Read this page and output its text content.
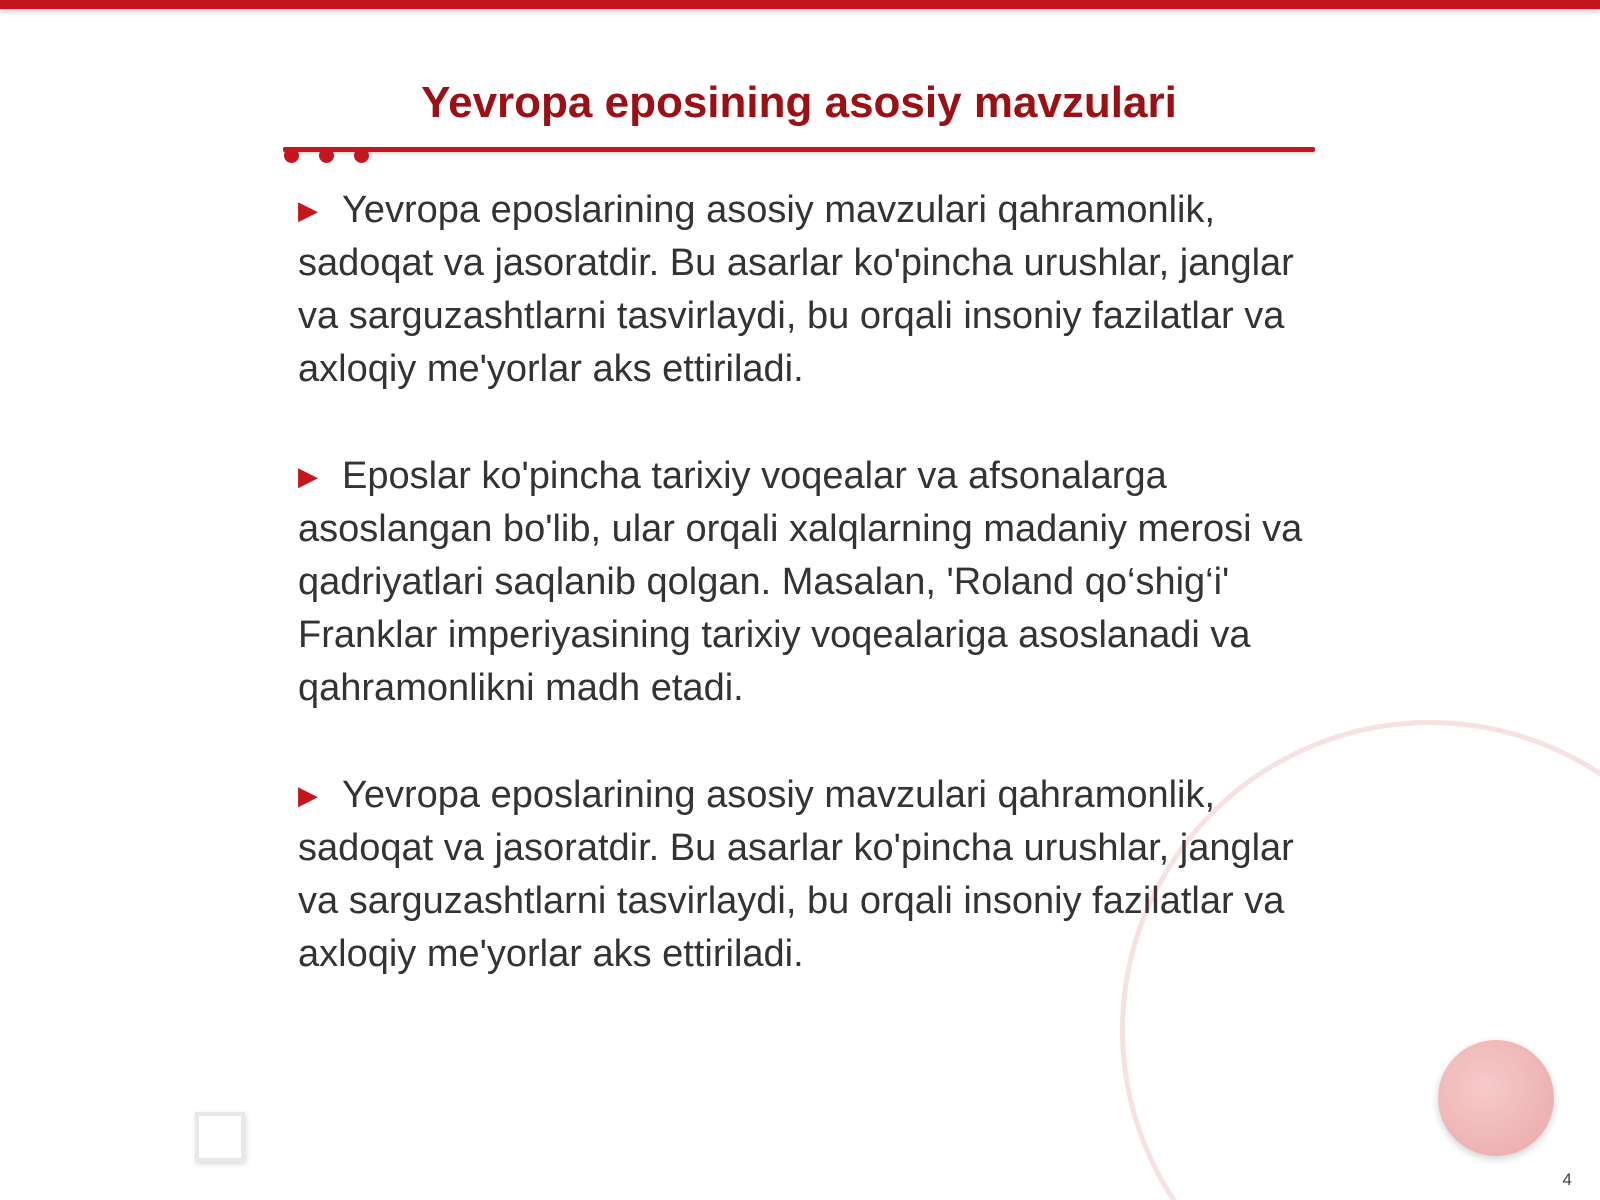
Yevropa eposining asosiy mavzulari

▶ Yevropa eposlarining asosiy mavzulari qahramonlik, sadoqat va jasoratdir. Bu asarlar ko'pincha urushlar, janglar va sarguzashtlarni tasvirlaydi, bu orqali insoniy fazilatlar va axloqiy me'yorlar aks ettiriladi.

▶ Eposlar ko'pincha tarixiy voqealar va afsonalarga asoslangan bo'lib, ular orqali xalqlarning madaniy merosi va qadriyatlari saqlanib qolgan. Masalan, 'Roland qo‘shig‘i' Franklar imperiyasining tarixiy voqealariga asoslanadi va qahramonlikni madh etadi.

▶ Yevropa eposlarining asosiy mavzulari qahramonlik, sadoqat va jasoratdir. Bu asarlar ko'pincha urushlar, janglar va sarguzashtlarni tasvirlaydi, bu orqali insoniy fazilatlar va axloqiy me'yorlar aks ettiriladi.

4
